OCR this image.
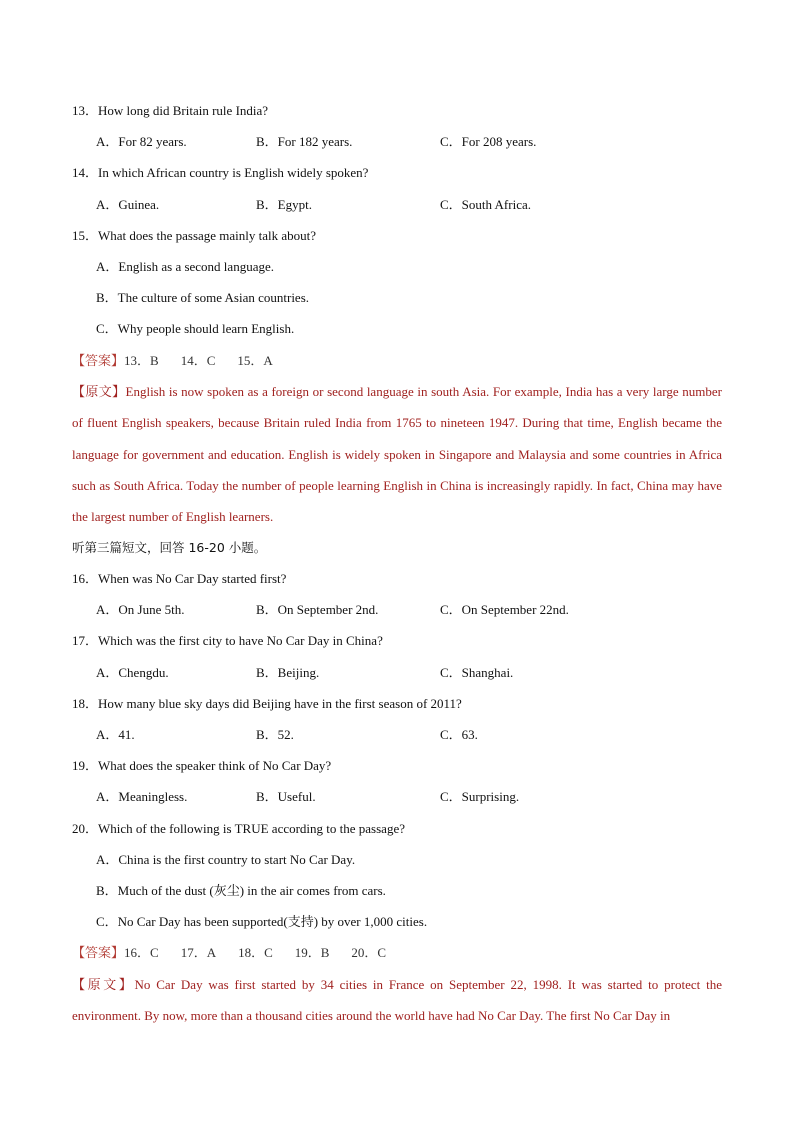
13．How long did Britain rule India?
A．For 82 years.	B．For 182 years.	C．For 208 years.
14．In which African country is English widely spoken?
A．Guinea.	B．Egypt.	C．South Africa.
15．What does the passage mainly talk about?
A．English as a second language.
B．The culture of some Asian countries.
C．Why people should learn English.
【答案】13．B 14．C 15．A
【原文】English is now spoken as a foreign or second language in south Asia. For example, India has a very large number of fluent English speakers, because Britain ruled India from 1765 to nineteen 1947. During that time, English became the language for government and education. English is widely spoken in Singapore and Malaysia and some countries in Africa such as South Africa. Today the number of people learning English in China is increasingly rapidly. In fact, China may have the largest number of English learners.
听第三篇短文，回答 16-20 小题。
16．When was No Car Day started first?
A．On June 5th.	B．On September 2nd.	C．On September 22nd.
17．Which was the first city to have No Car Day in China?
A．Chengdu.	B．Beijing.	C．Shanghai.
18．How many blue sky days did Beijing have in the first season of 2011?
A．41.	B．52.	C．63.
19．What does the speaker think of No Car Day?
A．Meaningless.	B．Useful.	C．Surprising.
20．Which of the following is TRUE according to the passage?
A．China is the first country to start No Car Day.
B．Much of the dust (灰尘) in the air comes from cars.
C．No Car Day has been supported(支持) by over 1,000 cities.
【答案】16．C 17．A 18．C 19．B 20．C
【原文】No Car Day was first started by 34 cities in France on September 22, 1998. It was started to protect the environment. By now, more than a thousand cities around the world have had No Car Day. The first No Car Day in
